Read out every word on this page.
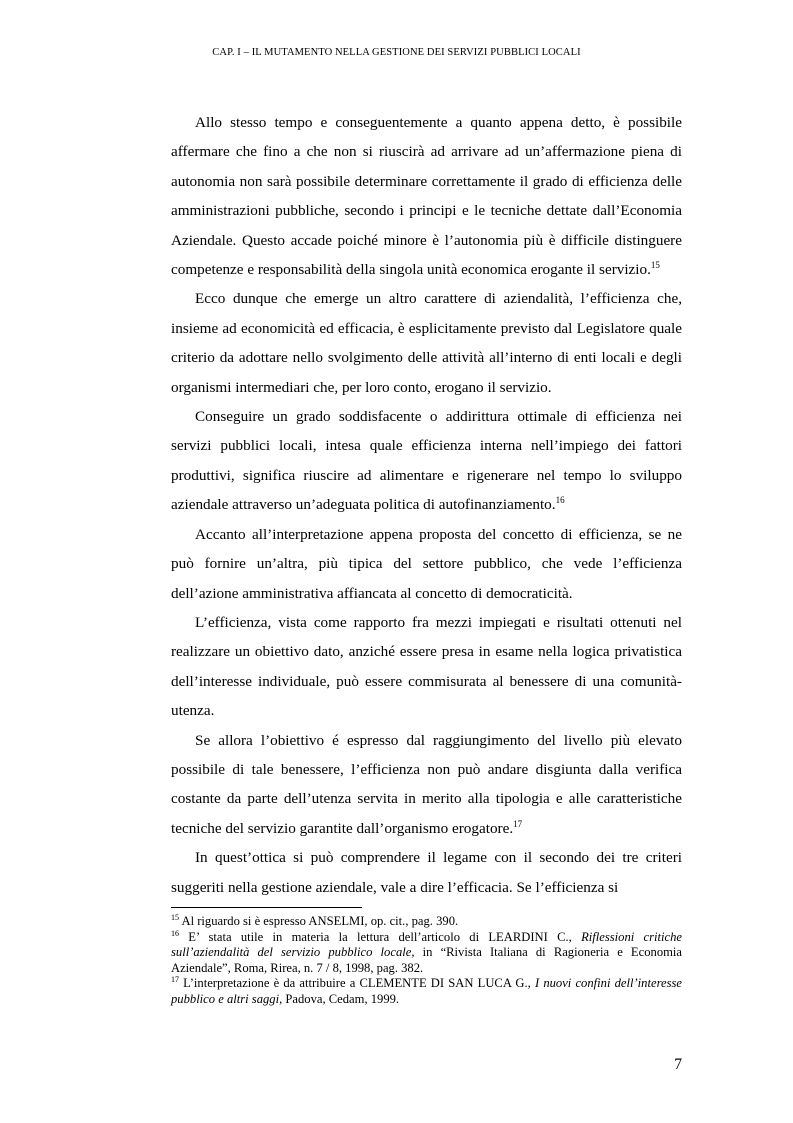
CAP. I – IL MUTAMENTO NELLA GESTIONE DEI SERVIZI PUBBLICI LOCALI

Allo stesso tempo e conseguentemente a quanto appena detto, è possibile affermare che fino a che non si riuscirà ad arrivare ad un’affermazione piena di autonomia non sarà possibile determinare correttamente il grado di efficienza delle amministrazioni pubbliche, secondo i principi e le tecniche dettate dall’Economia Aziendale. Questo accade poiché minore è l’autonomia più è difficile distinguere competenze e responsabilità della singola unità economica erogante il servizio.$^{15}$

Ecco dunque che emerge un altro carattere di aziendalità, l’efficienza che, insieme ad economicità ed efficacia, è esplicitamente previsto dal Legislatore quale criterio da adottare nello svolgimento delle attività all’interno di enti locali e degli organismi intermediari che, per loro conto, erogano il servizio.

Conseguire un grado soddisfacente o addirittura ottimale di efficienza nei servizi pubblici locali, intesa quale efficienza interna nell’impiego dei fattori produttivi, significa riuscire ad alimentare e rigenerare nel tempo lo sviluppo aziendale attraverso un’adeguata politica di autofinanziamento.$^{16}$

Accanto all’interpretazione appena proposta del concetto di efficienza, se ne può fornire un’altra, più tipica del settore pubblico, che vede l’efficienza dell’azione amministrativa affiancata al concetto di democraticità.

L’efficienza, vista come rapporto fra mezzi impiegati e risultati ottenuti nel realizzare un obiettivo dato, anziché essere presa in esame nella logica privatistica dell’interesse individuale, può essere commisurata al benessere di una comunità-utenza.

Se allora l’obiettivo é espresso dal raggiungimento del livello più elevato possibile di tale benessere, l’efficienza non può andare disgiunta dalla verifica costante da parte dell’utenza servita in merito alla tipologia e alle caratteristiche tecniche del servizio garantite dall’organismo erogatore.$^{17}$

In quest’ottica si può comprendere il legame con il secondo dei tre criteri suggeriti nella gestione aziendale, vale a dire l’efficacia. Se l’efficienza si

$^{15}$ Al riguardo si è espresso ANSELMI, op. cit., pag. 390.

$^{16}$ E’ stata utile in materia la lettura dell’articolo di LEARDINI C., Riflessioni critiche sull’aziendalità del servizio pubblico locale, in “Rivista Italiana di Ragioneria e Economia Aziendale”, Roma, Rirea, n. 7 / 8, 1998, pag. 382.

$^{17}$ L’interpretazione è da attribuire a CLEMENTE DI SAN LUCA G., I nuovi confini dell’interesse pubblico e altri saggi, Padova, Cedam, 1999.

7
